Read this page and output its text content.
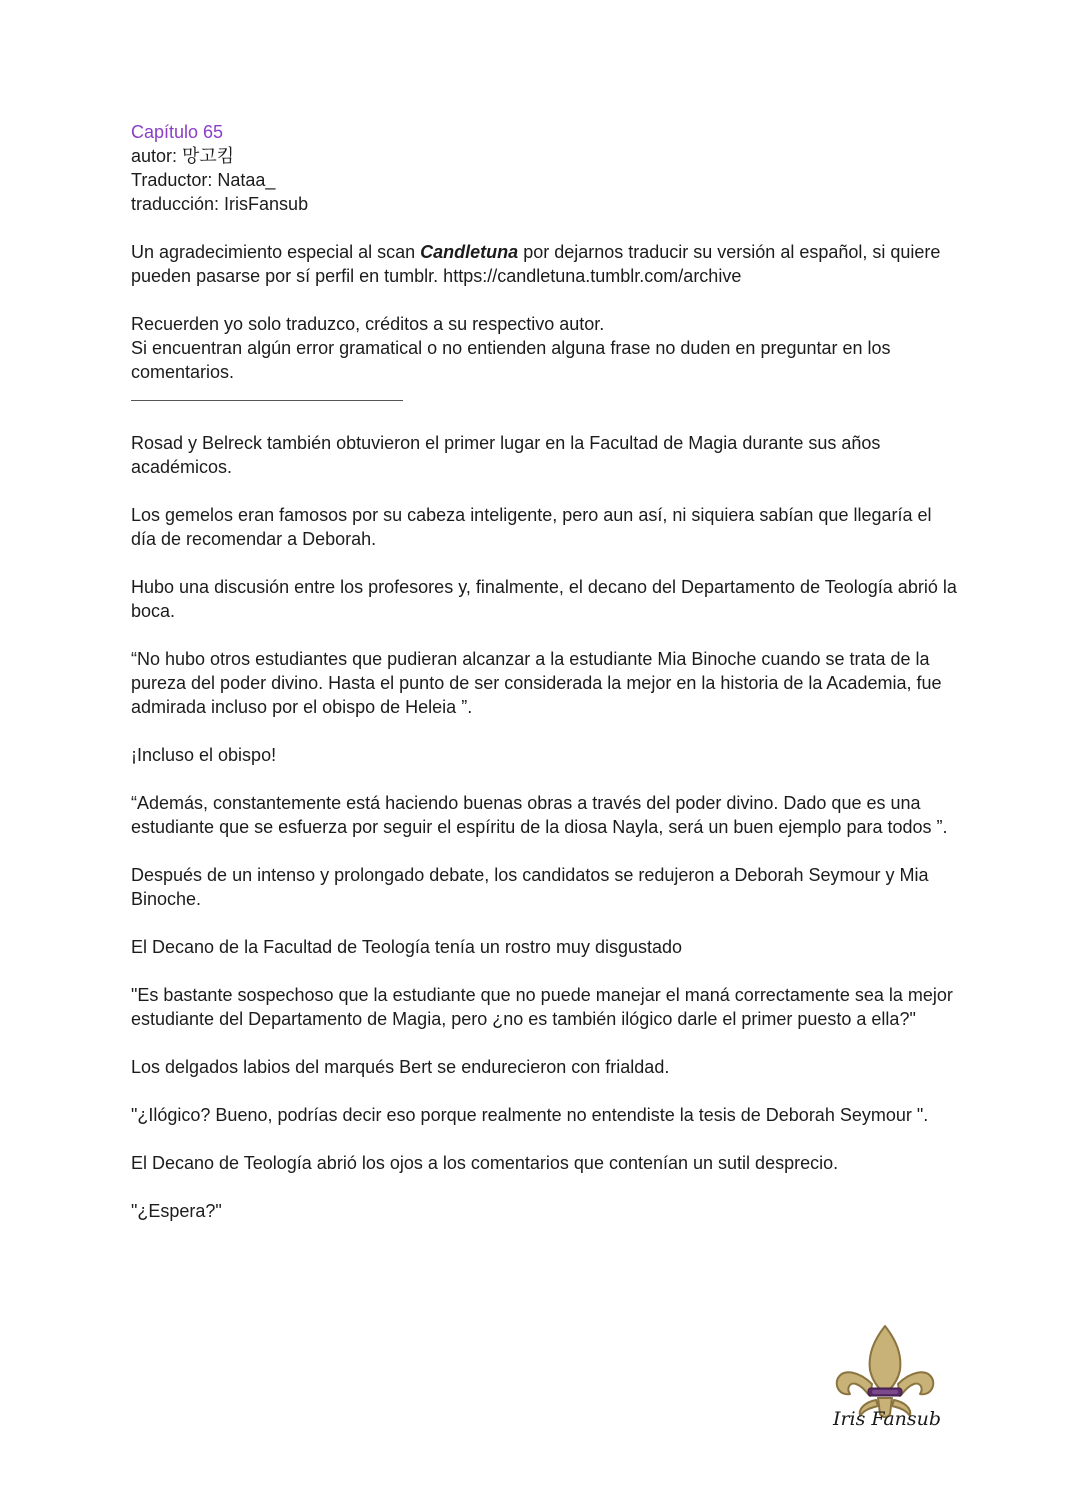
Capítulo 65
autor: 망고킴
Traductor: Nataa_
traducción: IrisFansub

Un agradecimiento especial al scan Candletuna por dejarnos traducir su versión al español, si quiere pueden pasarse por sí perfil en tumblr. https://candletuna.tumblr.com/archive

Recuerden yo solo traduzco, créditos a su respectivo autor.
Si encuentran algún error gramatical o no entienden alguna frase no duden en preguntar en los comentarios.

Rosad y Belreck también obtuvieron el primer lugar en la Facultad de Magia durante sus años académicos.

Los gemelos eran famosos por su cabeza inteligente, pero aun así, ni siquiera sabían que llegaría el día de recomendar a Deborah.

Hubo una discusión entre los profesores y, finalmente, el decano del Departamento de Teología abrió la boca.

“No hubo otros estudiantes que pudieran alcanzar a la estudiante Mia Binoche cuando se trata de la pureza del poder divino. Hasta el punto de ser considerada la mejor en la historia de la Academia, fue admirada incluso por el obispo de Heleia ”.

¡Incluso el obispo!

“Además, constantemente está haciendo buenas obras a través del poder divino. Dado que es una estudiante que se esfuerza por seguir el espíritu de la diosa Nayla, será un buen ejemplo para todos ”.

Después de un intenso y prolongado debate, los candidatos se redujeron a Deborah Seymour y Mia Binoche.

El Decano de la Facultad de Teología tenía un rostro muy disgustado

"Es bastante sospechoso que la estudiante que no puede manejar el maná correctamente sea la mejor estudiante del Departamento de Magia, pero ¿no es también ilógico darle el primer puesto a ella?"

Los delgados labios del marqués Bert se endurecieron con frialdad.

"¿Ilógico? Bueno, podrías decir eso porque realmente no entendiste la tesis de Deborah Seymour ".

El Decano de Teología abrió los ojos a los comentarios que contenían un sutil desprecio.

"¿Espera?"

Iris Fansub
